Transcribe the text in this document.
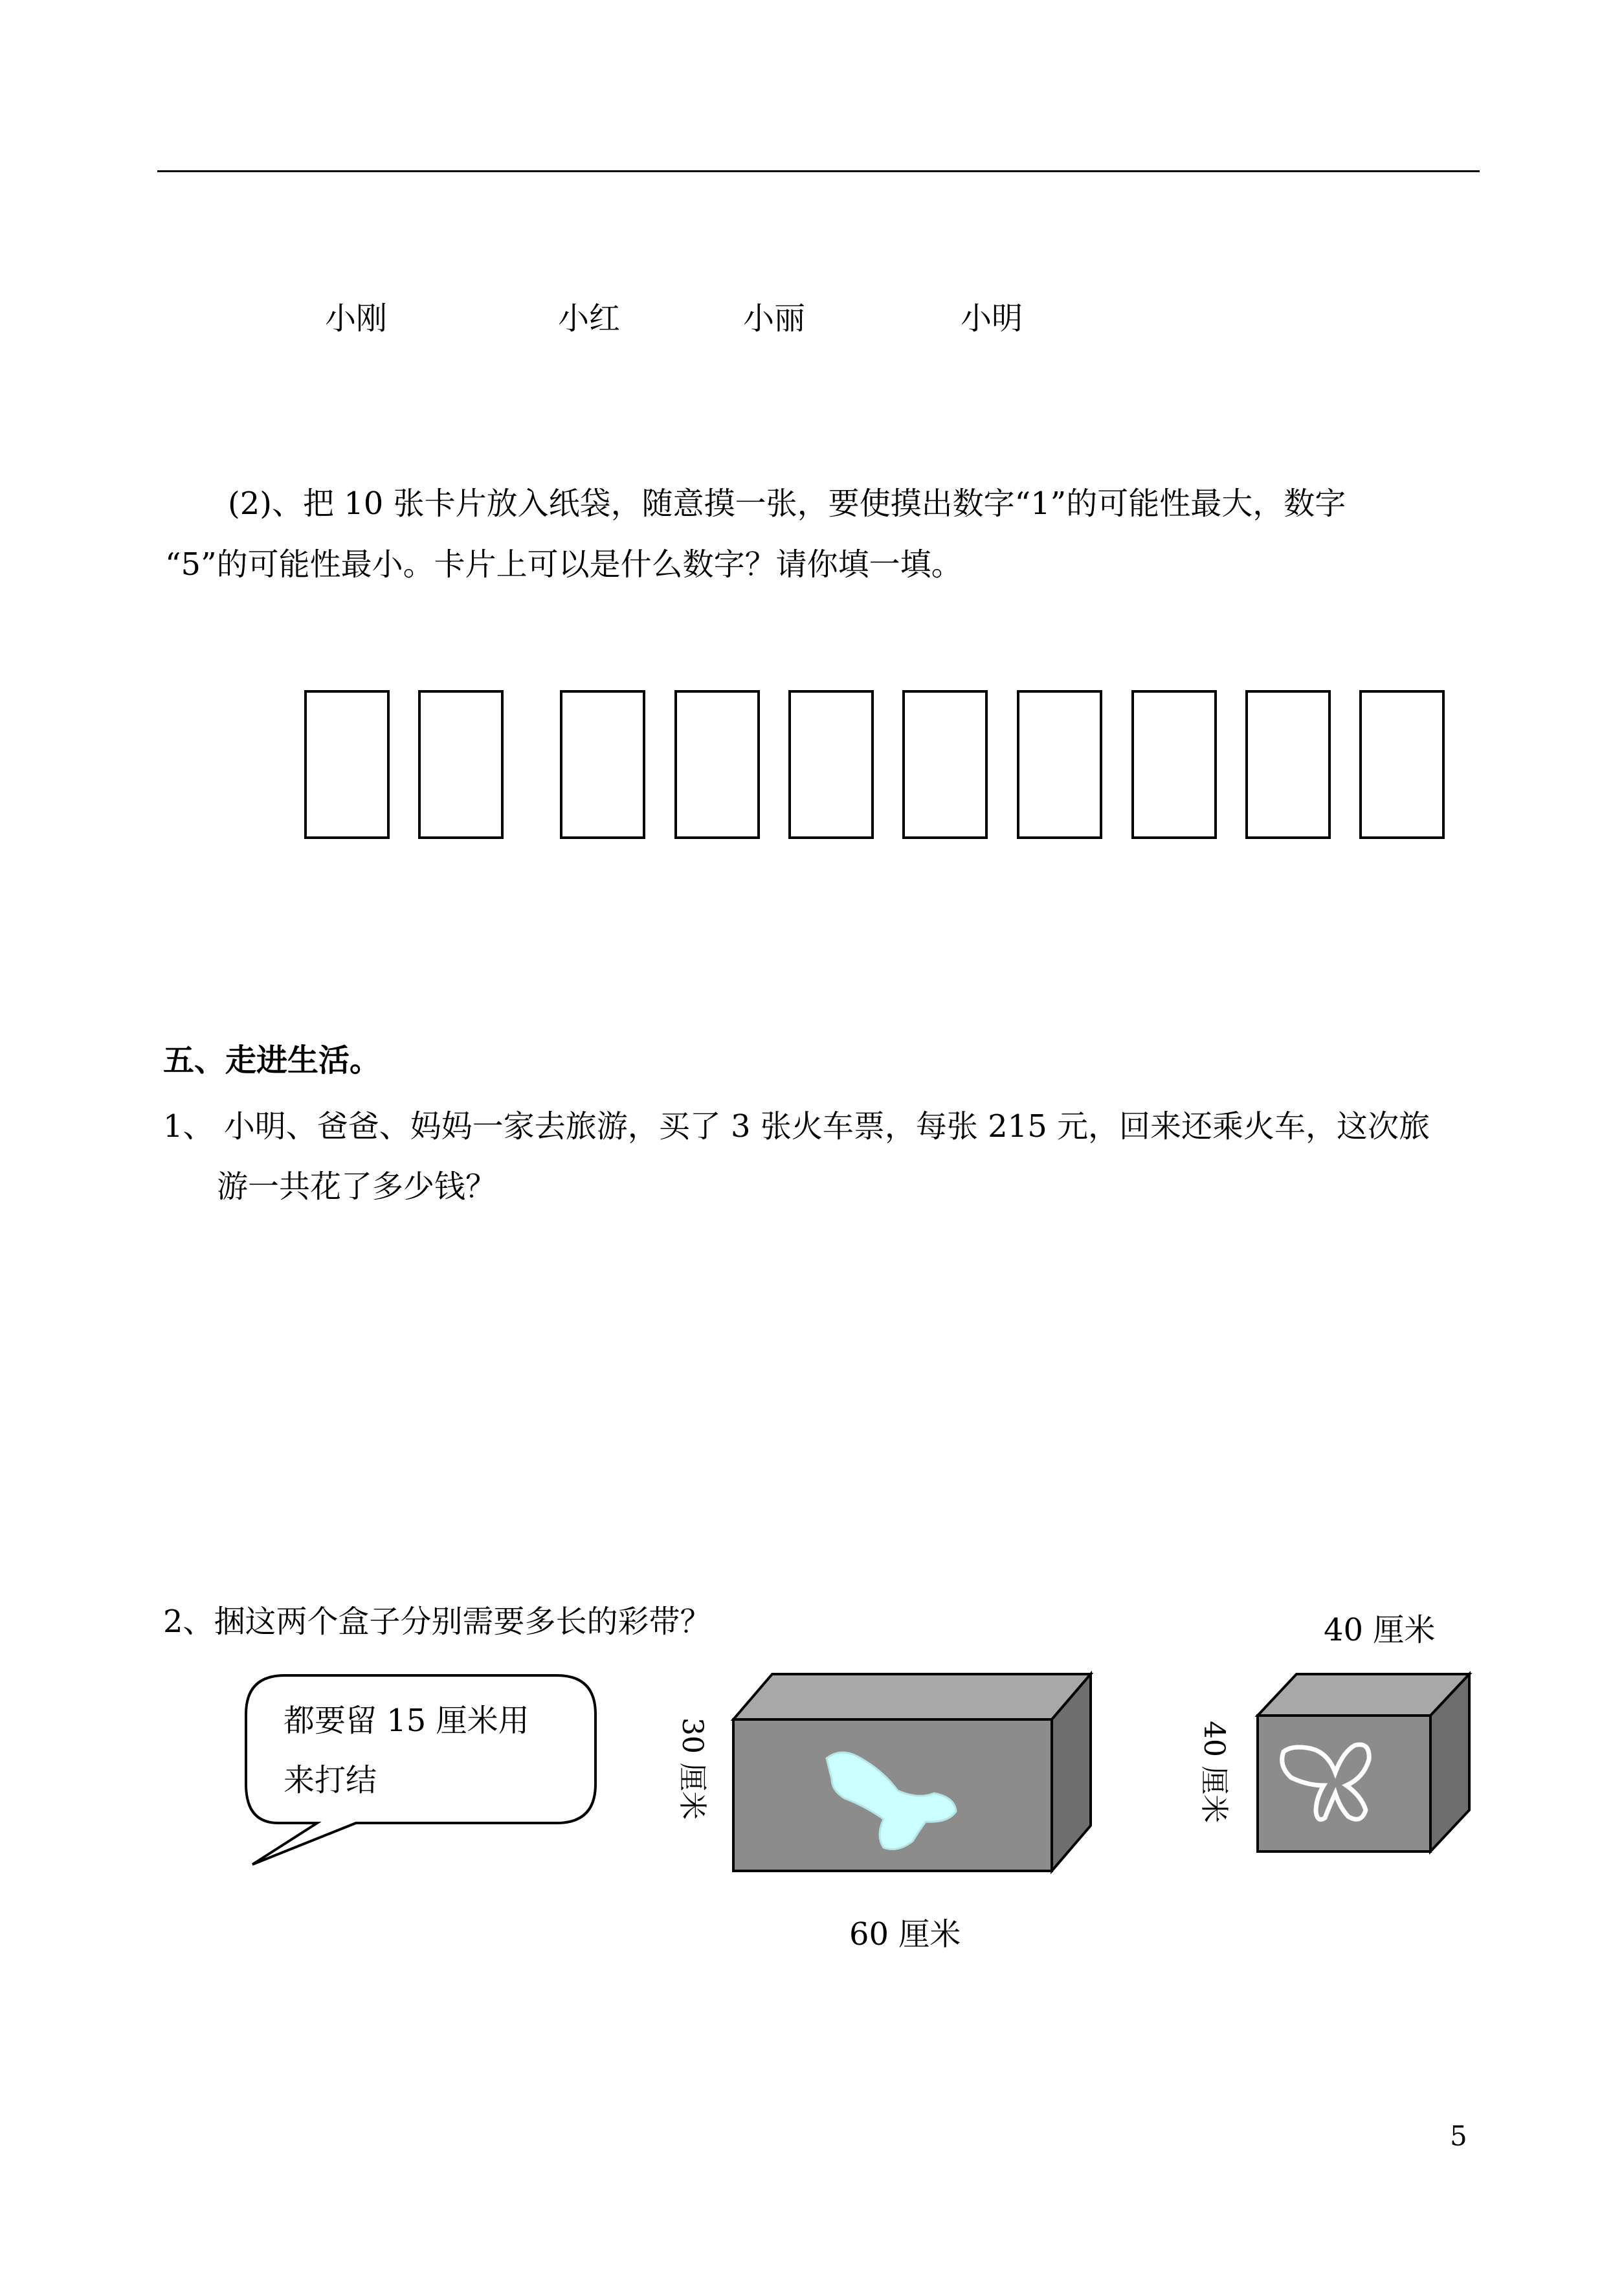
小刚	小红	小丽	小明
(2)、把 10 张卡片放入纸袋，随意摸一张，要使摸出数字“1”的可能性最大，数字
“5”的可能性最小。卡片上可以是什么数字？请你填一填。
五、走进生活。
1、 小明、爸爸、妈妈一家去旅游，买了 3 张火车票，每张 215 元，回来还乘火车，这次旅
游一共花了多少钱？
2、捆这两个盒子分别需要多长的彩带？
都要留 15 厘米用
来打结	30 厘米
60 厘米
40 厘米
40 厘米
5
